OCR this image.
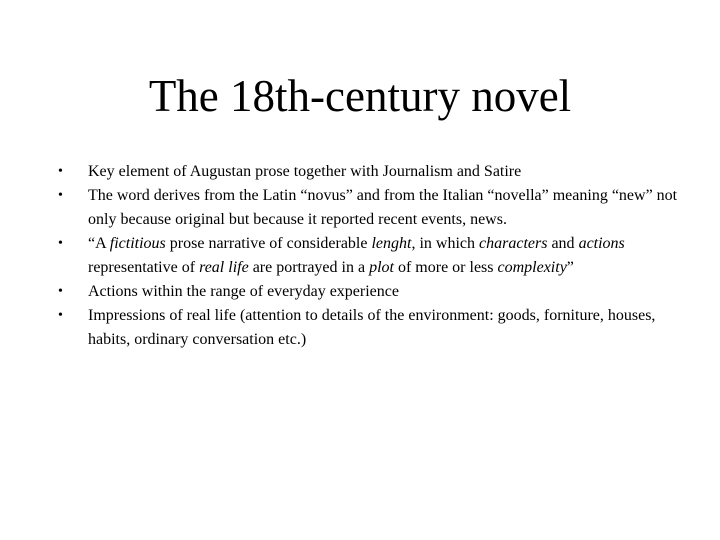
The 18th-century novel
•	Key element of Augustan prose together with Journalism and Satire
•	The word derives from the Latin “novus” and from the Italian “novella” meaning “new” not only because original but because it reported recent events, news.
•	“A fictitious prose narrative of considerable lenght, in which characters and actions representative of real life are portrayed in a plot of more or less complexity”
•	Actions within the range of everyday experience
•	Impressions of real life (attention to details of the environment: goods, forniture, houses, habits, ordinary conversation etc.)
